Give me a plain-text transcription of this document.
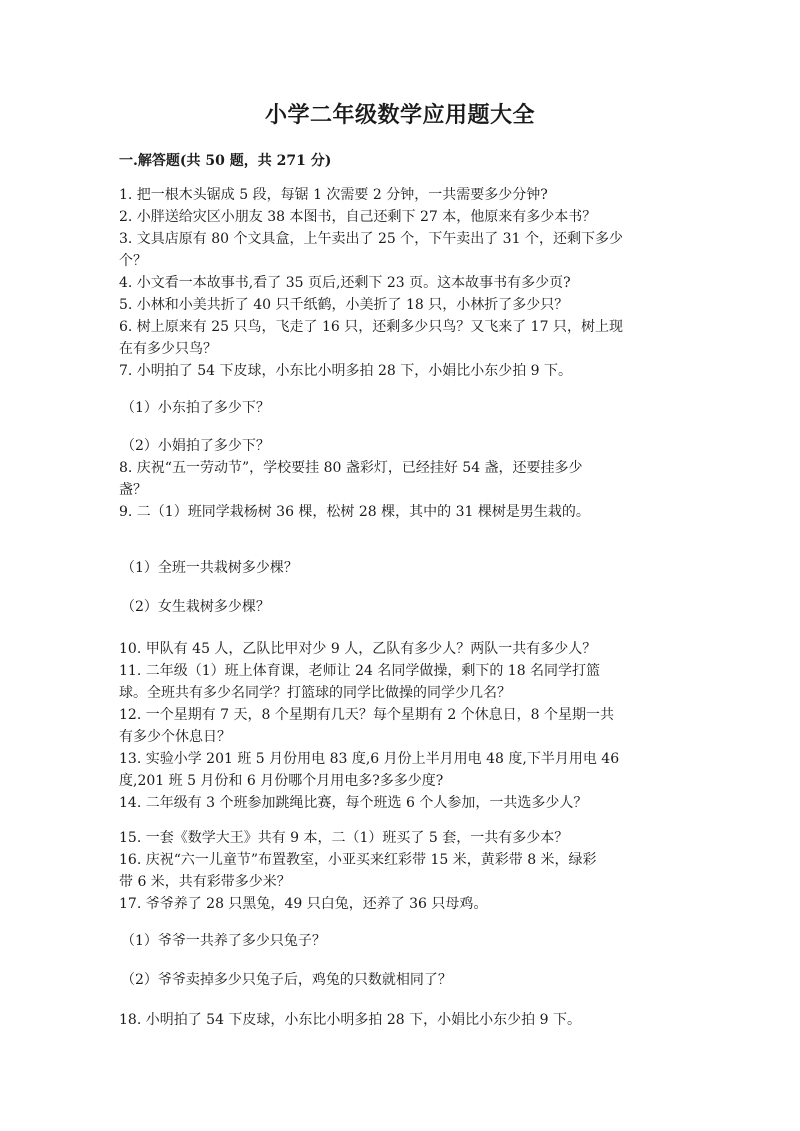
小学二年级数学应用题大全
一.解答题(共 50 题，共 271 分)
1. 把一根木头锯成 5 段，每锯 1 次需要 2 分钟，一共需要多少分钟?
2. 小胖送给灾区小朋友 38 本图书，自己还剩下 27 本，他原来有多少本书？
3. 文具店原有 80 个文具盒，上午卖出了 25 个，下午卖出了 31 个，还剩下多少
个？
4. 小文看一本故事书,看了 35 页后,还剩下 23 页。这本故事书有多少页?
5. 小林和小美共折了 40 只千纸鹤，小美折了 18 只，小林折了多少只？
6. 树上原来有 25 只鸟，飞走了 16 只，还剩多少只鸟？又飞来了 17 只，树上现
在有多少只鸟？
7. 小明拍了 54 下皮球，小东比小明多拍 28 下，小娟比小东少拍 9 下。
（1）小东拍了多少下？
（2）小娟拍了多少下？
8. 庆祝“五一劳动节”，学校要挂 80 盏彩灯，已经挂好 54 盏，还要挂多少
盏？
9. 二（1）班同学栽杨树 36 棵，松树 28 棵，其中的 31 棵树是男生栽的。
（1）全班一共栽树多少棵？
（2）女生栽树多少棵？
10. 甲队有 45 人，乙队比甲对少 9 人，乙队有多少人？两队一共有多少人？
11. 二年级（1）班上体育课，老师让 24 名同学做操，剩下的 18 名同学打篮
球。全班共有多少名同学？打篮球的同学比做操的同学少几名？
12. 一个星期有 7 天，8 个星期有几天？每个星期有 2 个休息日，8 个星期一共
有多少个休息日？
13. 实验小学 201 班 5 月份用电 83 度,6 月份上半月用电 48 度,下半月用电 46
度,201 班 5 月份和 6 月份哪个月用电多?多多少度?
14. 二年级有 3 个班参加跳绳比赛，每个班选 6 个人参加，一共选多少人？
15. 一套《数学大王》共有 9 本，二（1）班买了 5 套，一共有多少本？
16. 庆祝“六一儿童节”布置教室，小亚买来红彩带 15 米，黄彩带 8 米，绿彩
带 6 米，共有彩带多少米？
17. 爷爷养了 28 只黑兔，49 只白兔，还养了 36 只母鸡。
（1）爷爷一共养了多少只兔子？
（2）爷爷卖掉多少只兔子后，鸡兔的只数就相同了？
18. 小明拍了 54 下皮球，小东比小明多拍 28 下，小娟比小东少拍 9 下。
